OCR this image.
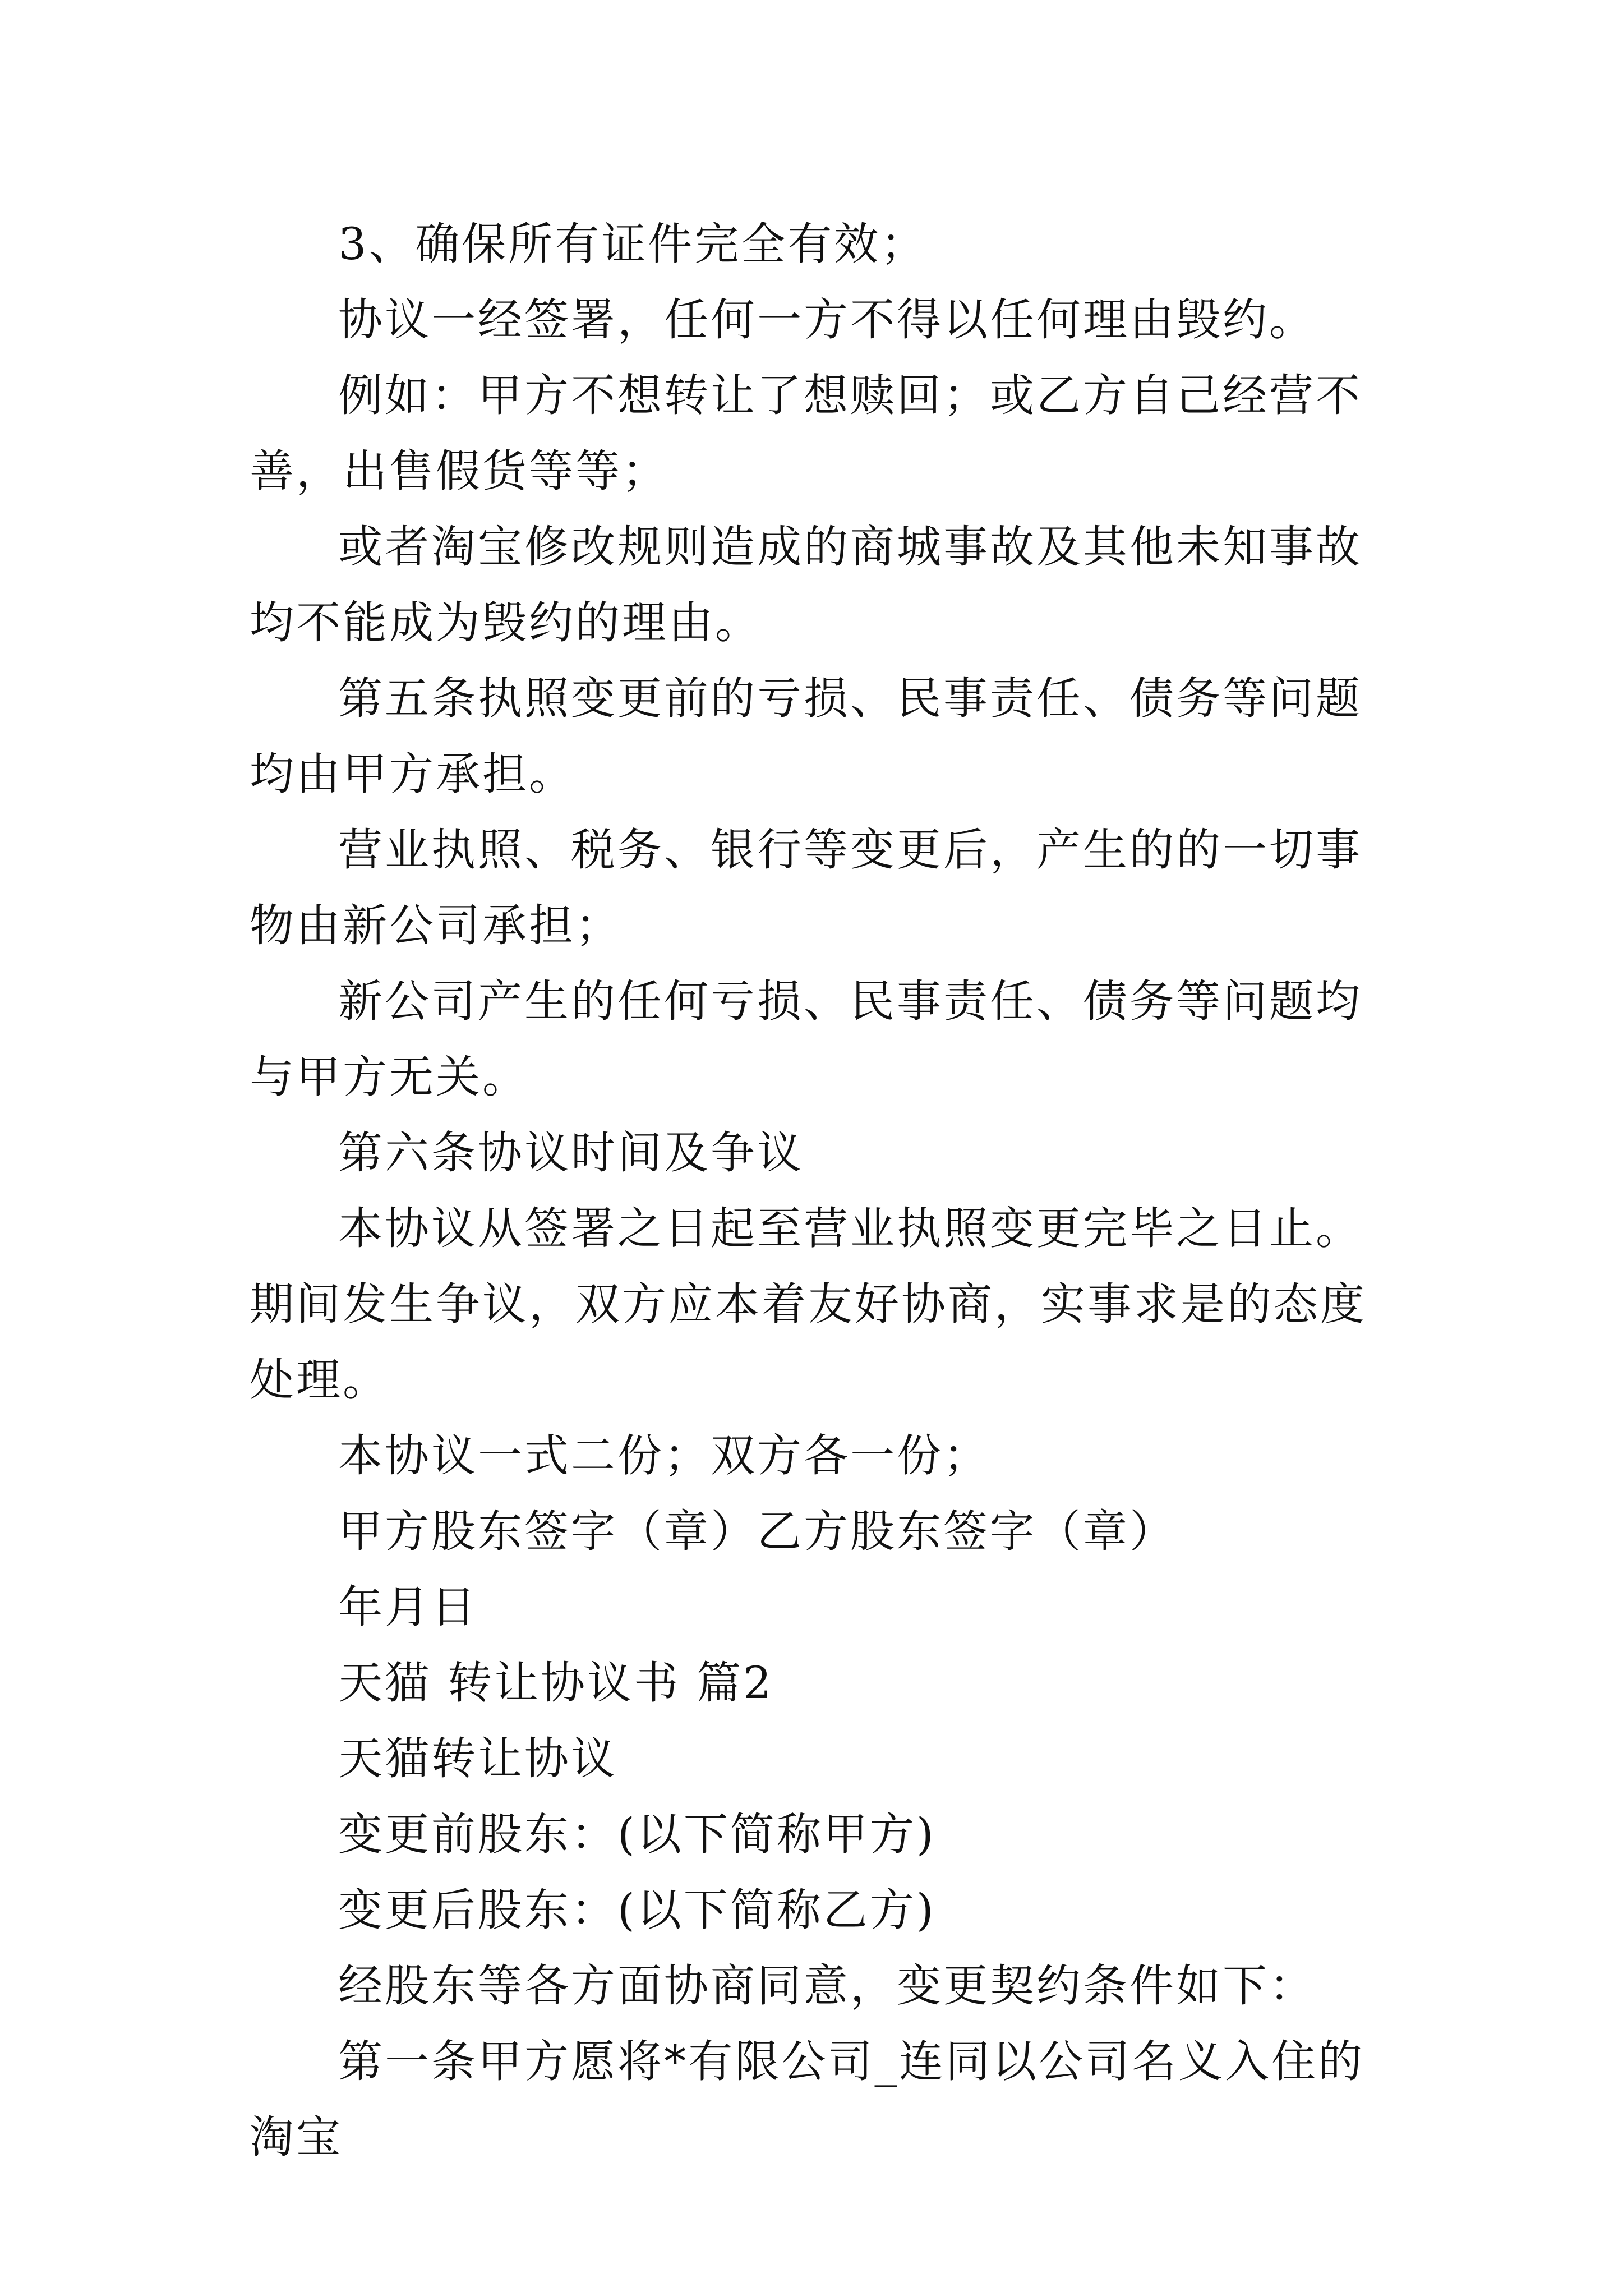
3、确保所有证件完全有效；

协议一经签署，任何一方不得以任何理由毁约。

例如：甲方不想转让了想赎回；或乙方自己经营不善，出售假货等等；

或者淘宝修改规则造成的商城事故及其他未知事故均不能成为毁约的理由。

第五条执照变更前的亏损、民事责任、债务等问题均由甲方承担。

营业执照、税务、银行等变更后，产生的的一切事物由新公司承担；

新公司产生的任何亏损、民事责任、债务等问题均与甲方无关。

第六条协议时间及争议

本协议从签署之日起至营业执照变更完毕之日止。期间发生争议，双方应本着友好协商，实事求是的态度处理。

本协议一式二份；双方各一份；

甲方股东签字（章）乙方股东签字（章）

年月日

天猫 转让协议书 篇2

天猫转让协议

变更前股东：(以下简称甲方)

变更后股东：(以下简称乙方)

经股东等各方面协商同意，变更契约条件如下：

第一条甲方愿将*有限公司_连同以公司名义入住的淘宝
